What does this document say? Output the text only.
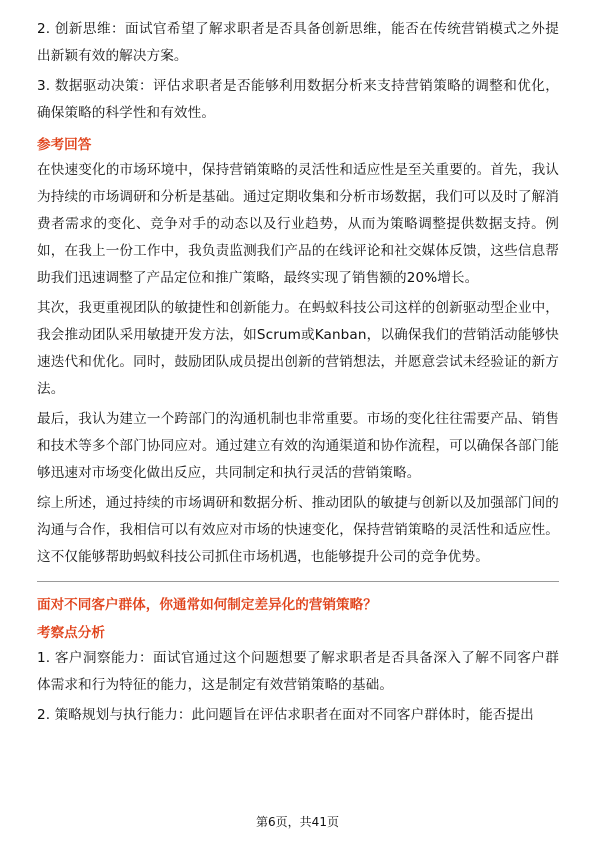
2. 创新思维：面试官希望了解求职者是否具备创新思维，能否在传统营销模式之外提出新颖有效的解决方案。

3. 数据驱动决策：评估求职者是否能够利用数据分析来支持营销策略的调整和优化，确保策略的科学性和有效性。

参考回答

在快速变化的市场环境中，保持营销策略的灵活性和适应性是至关重要的。首先，我认为持续的市场调研和分析是基础。通过定期收集和分析市场数据，我们可以及时了解消费者需求的变化、竞争对手的动态以及行业趋势，从而为策略调整提供数据支持。例如，在我上一份工作中，我负责监测我们产品的在线评论和社交媒体反馈，这些信息帮助我们迅速调整了产品定位和推广策略，最终实现了销售额的20%增长。

其次，我更重视团队的敏捷性和创新能力。在蚂蚁科技公司这样的创新驱动型企业中，我会推动团队采用敏捷开发方法，如Scrum或Kanban，以确保我们的营销活动能够快速迭代和优化。同时，鼓励团队成员提出创新的营销想法，并愿意尝试未经验证的新方法。

最后，我认为建立一个跨部门的沟通机制也非常重要。市场的变化往往需要产品、销售和技术等多个部门协同应对。通过建立有效的沟通渠道和协作流程，可以确保各部门能够迅速对市场变化做出反应，共同制定和执行灵活的营销策略。

综上所述，通过持续的市场调研和数据分析、推动团队的敏捷与创新以及加强部门间的沟通与合作，我相信可以有效应对市场的快速变化，保持营销策略的灵活性和适应性。这不仅能够帮助蚂蚁科技公司抓住市场机遇，也能够提升公司的竞争优势。

面对不同客户群体，你通常如何制定差异化的营销策略？
考察点分析

1. 客户洞察能力：面试官通过这个问题想要了解求职者是否具备深入了解不同客户群体需求和行为特征的能力，这是制定有效营销策略的基础。

2. 策略规划与执行能力：此问题旨在评估求职者在面对不同客户群体时，能否提出

第6页，共41页
